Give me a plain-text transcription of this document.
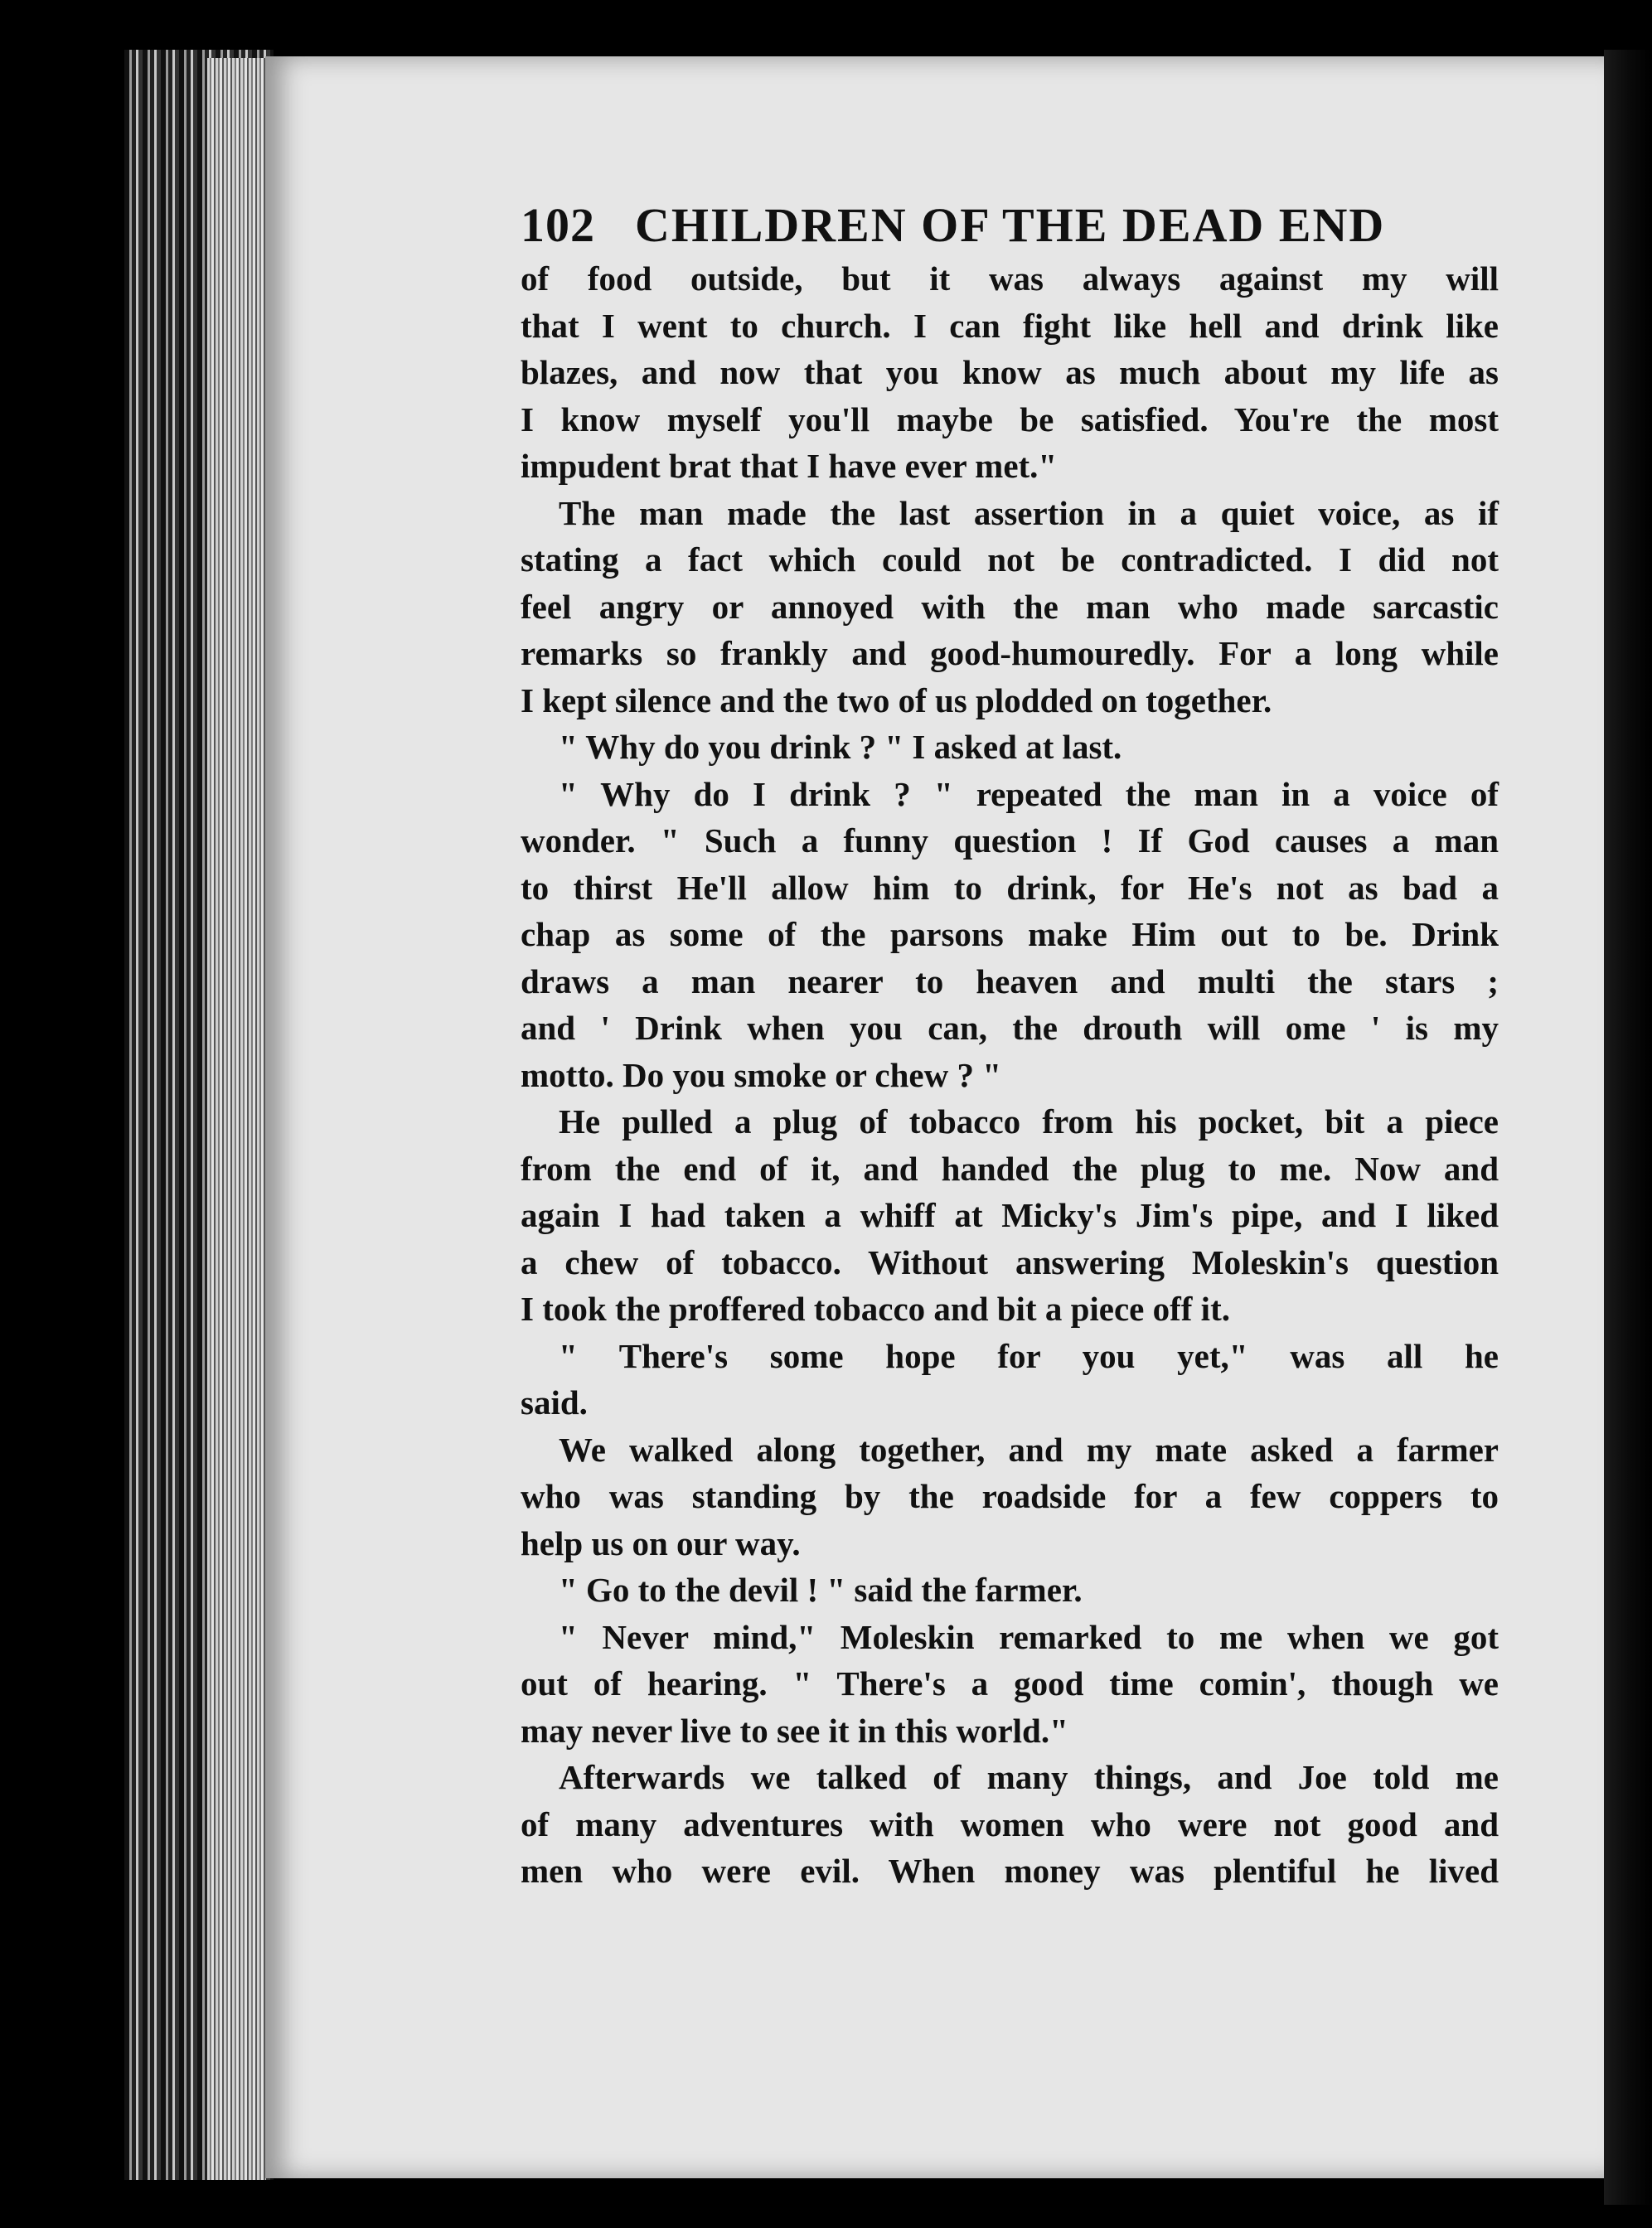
102 CHILDREN OF THE DEAD END
of food outside, but it was always against my will
that I went to church. I can fight like hell and drink like
blazes, and now that you know as much about my life as
I know myself you'll maybe be satisfied. You're the most
impudent brat that I have ever met."
The man made the last assertion in a quiet voice, as if
stating a fact which could not be contradicted. I did not
feel angry or annoyed with the man who made sarcastic
remarks so frankly and good-humouredly. For a long while
I kept silence and the two of us plodded on together.
" Why do you drink ? " I asked at last.
" Why do I drink ? " repeated the man in a voice of
wonder. " Such a funny question ! If God causes a man
to thirst He'll allow him to drink, for He's not as bad a
chap as some of the parsons make Him out to be. Drink
draws a man nearer to heaven and multi the stars ;
and ' Drink when you can, the drouth will ome ' is my
motto. Do you smoke or chew ? "
He pulled a plug of tobacco from his pocket, bit a piece
from the end of it, and handed the plug to me. Now and
again I had taken a whiff at Micky's Jim's pipe, and I liked
a chew of tobacco. Without answering Moleskin's question
I took the proffered tobacco and bit a piece off it.
" There's some hope for you yet," was all he
said.
We walked along together, and my mate asked a farmer
who was standing by the roadside for a few coppers to
help us on our way.
" Go to the devil ! " said the farmer.
" Never mind," Moleskin remarked to me when we got
out of hearing. " There's a good time comin', though we
may never live to see it in this world."
Afterwards we talked of many things, and Joe told me
of many adventures with women who were not good and
men who were evil. When money was plentiful he lived
